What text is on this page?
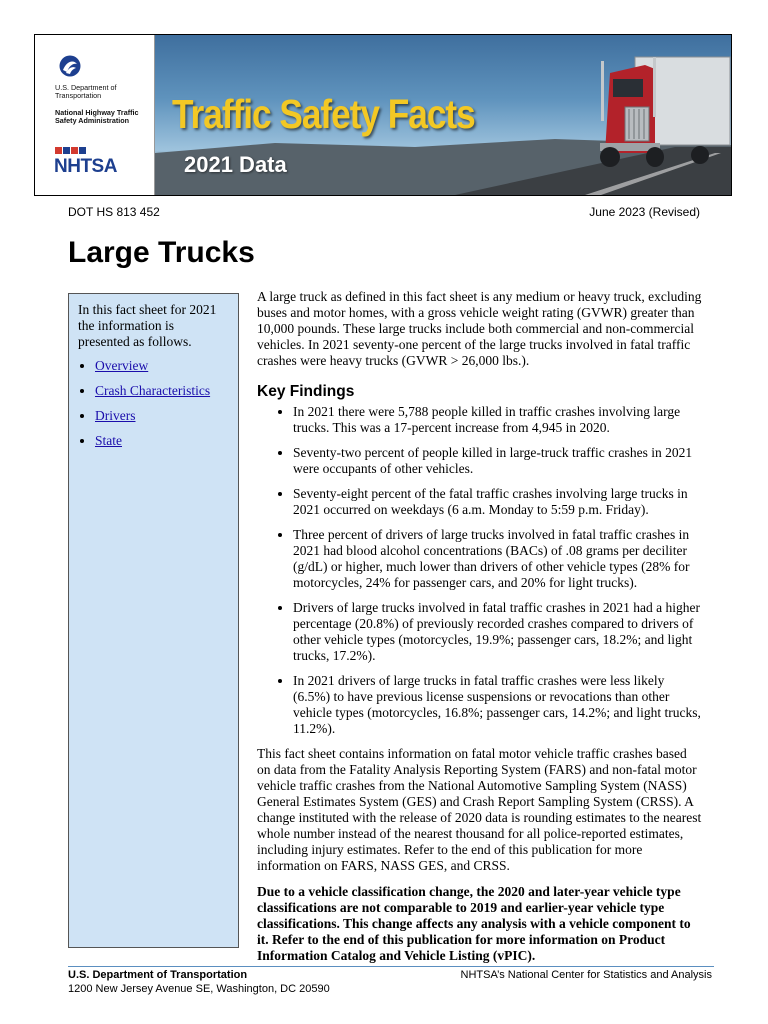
U.S. Department of Transportation
National Highway Traffic Safety Administration
NHTSA
Traffic Safety Facts
2021 Data
DOT HS 813 452	June 2023 (Revised)
Large Trucks

In this fact sheet for 2021 the information is presented as follows.

• Overview
• Crash Characteristics
• Drivers
• State

A large truck as defined in this fact sheet is any medium or heavy truck, excluding buses and motor homes, with a gross vehicle weight rating (GVWR) greater than 10,000 pounds. These large trucks include both commercial and non-commercial vehicles. In 2021 seventy-one percent of the large trucks involved in fatal traffic crashes were heavy trucks (GVWR > 26,000 lbs.).

Key Findings
• In 2021 there were 5,788 people killed in traffic crashes involving large trucks. This was a 17-percent increase from 4,945 in 2020.
• Seventy-two percent of people killed in large-truck traffic crashes in 2021 were occupants of other vehicles.
• Seventy-eight percent of the fatal traffic crashes involving large trucks in 2021 occurred on weekdays (6 a.m. Monday to 5:59 p.m. Friday).
• Three percent of drivers of large trucks involved in fatal traffic crashes in 2021 had blood alcohol concentrations (BACs) of .08 grams per deciliter (g/dL) or higher, much lower than drivers of other vehicle types (28% for motorcycles, 24% for passenger cars, and 20% for light trucks).
• Drivers of large trucks involved in fatal traffic crashes in 2021 had a higher percentage (20.8%) of previously recorded crashes compared to drivers of other vehicle types (motorcycles, 19.9%; passenger cars, 18.2%; and light trucks, 17.2%).
• In 2021 drivers of large trucks in fatal traffic crashes were less likely (6.5%) to have previous license suspensions or revocations than other vehicle types (motorcycles, 16.8%; passenger cars, 14.2%; and light trucks, 11.2%).

This fact sheet contains information on fatal motor vehicle traffic crashes based on data from the Fatality Analysis Reporting System (FARS) and non-fatal motor vehicle traffic crashes from the National Automotive Sampling System (NASS) General Estimates System (GES) and Crash Report Sampling System (CRSS). A change instituted with the release of 2020 data is rounding estimates to the nearest whole number instead of the nearest thousand for all police-reported estimates, including injury estimates. Refer to the end of this publication for more information on FARS, NASS GES, and CRSS.

Due to a vehicle classification change, the 2020 and later-year vehicle type classifications are not comparable to 2019 and earlier-year vehicle type classifications. This change affects any analysis with a vehicle component to it. Refer to the end of this publication for more information on Product Information Catalog and Vehicle Listing (vPIC).

U.S. Department of Transportation
1200 New Jersey Avenue SE, Washington, DC 20590
NHTSA’s National Center for Statistics and Analysis
